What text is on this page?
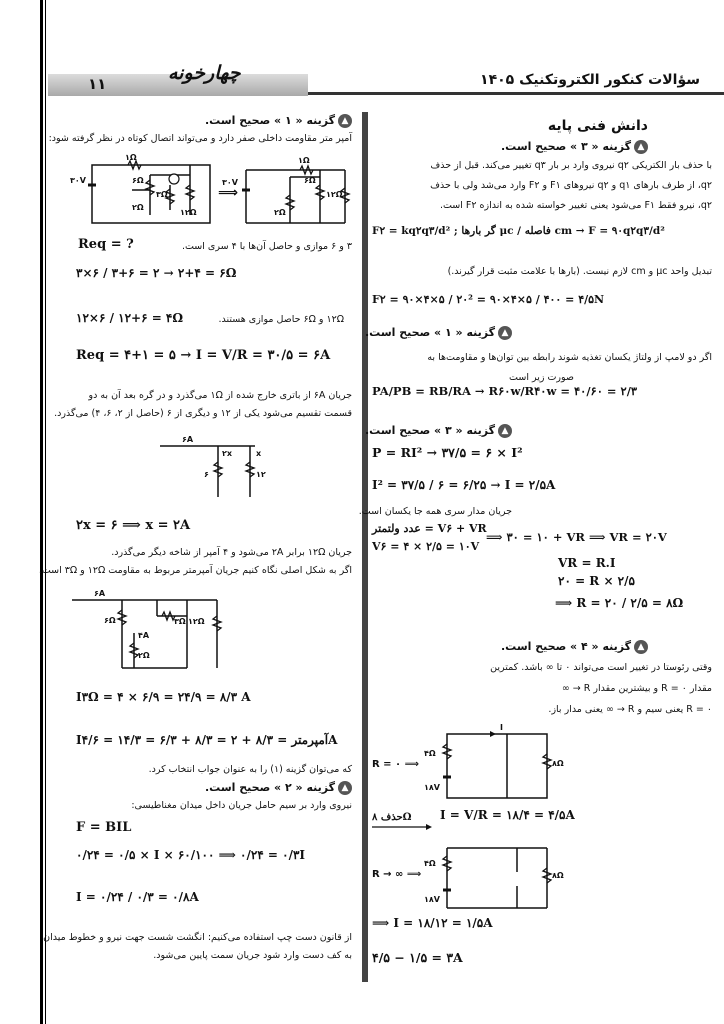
۱۱	چهارخونه	سؤالات کنکور الکتروتکنیک ۱۴۰۵
▲گزینه « ۱ » صحیح است.
آمپر متر مقاومت داخلی صفر دارد و می‌تواند اتصال کوتاه در نظر گرفته شود:
۳۰V
۱Ω
۶Ω
۳Ω
۲Ω
۱۲Ω
⟹
۳۰V
۱Ω
۶Ω
۲Ω
۱۲Ω
Req = ?	۳ و ۶ موازی و حاصل آن‌ها با ۴ سری است.
۳×۶ / ۳+۶ = ۲ → ۲+۴ = ۶Ω
۱۲×۶ / ۱۲+۶ = ۴Ω	۱۲Ω و ۶Ω حاصل موازی هستند.
Req = ۴+۱ = ۵ → I = V/R = ۳۰/۵ = ۶A
جریان ۶A از باتری خارج شده از ۱Ω می‌گذرد و در گره بعد آن به دو
قسمت تقسیم می‌شود یکی از ۱۲ و دیگری از ۶ (حاصل از ۲، ۶، ۴) می‌گذرد.
۶A
۲x	x
۶	۱۲
۲x = ۶ ⟹ x = ۲A
جریان ۱۲Ω برابر ۲A می‌شود و ۴ آمپر از شاخه دیگر می‌گذرد.
اگر به شکل اصلی نگاه کنیم جریان آمپرمتر مربوط به مقاومت ۱۲Ω و ۳Ω است.
۶A
۶Ω	۳Ω ۱۲Ω
۴A
۲Ω
I۳Ω = ۴ × ۶/۹ = ۲۴/۹ = ۸/۳ A
Iآمپرمتر = ۸/۳ + ۲ = ۸/۳ + ۶/۳ = ۱۴/۳ = ۴/۶A
که می‌توان گزینه (۱) را به عنوان جواب انتخاب کرد.
▲گزینه « ۲ » صحیح است.
نیروی وارد بر سیم حامل جریان داخل میدان مغناطیسی:
F = BIL
۰/۲۴ = ۰/۵ × I × ۶۰/۱۰۰ ⟹ ۰/۲۴ = ۰/۳I
I = ۰/۲۴ / ۰/۳ = ۰/۸A
از قانون دست چپ استفاده می‌کنیم: انگشت شست جهت نیرو و خطوط میدان
به کف دست وارد شود جریان سمت پایین می‌شود.
دانش فنی پایه
▲گزینه « ۳ » صحیح است.
با حذف بار الکتریکی q۲ نیروی وارد بر بار q۳ تغییر می‌کند. قبل از حذف
q۲، از طرف بارهای q۱ و q۲ نیروهای F۱ و F۲ وارد می‌شد ولی با حذف
q۲، نیرو فقط F۱ می‌شود یعنی تغییر خواسته شده به اندازه F۲ است.
F۲ = kq۲q۳/d² ; گر بارها μc / فاصله cm → F = ۹۰q۲q۳/d²
تبدیل واحد μc و cm لازم نیست. (بارها با علامت مثبت قرار گیرند.)
F۲ = ۹۰×۴×۵ / ۲۰² = ۹۰×۴×۵ / ۴۰۰ = ۴/۵N
▲گزینه « ۱ » صحیح است.
اگر دو لامپ از ولتاژ یکسان تغذیه شوند رابطه بین توان‌ها و مقاومت‌ها به
صورت زیر است
PA/PB = RB/RA → R۶۰w/R۴۰w = ۴۰/۶۰ = ۲/۳
▲گزینه « ۳ » صحیح است.
P = RI² → ۳۷/۵ = ۶ × I²
I² = ۳۷/۵ / ۶ = ۶/۲۵ → I = ۲/۵A
جریان مدار سری همه جا یکسان است.
عدد ولتمتر = V۶ + VR
V۶ = ۴ × ۲/۵ = ۱۰V
⟹ ۳۰ = ۱۰ + VR ⟹ VR = ۲۰V
VR = R.I
۲۰ = R × ۲/۵
⟹ R = ۲۰ / ۲/۵ = ۸Ω
▲گزینه « ۴ » صحیح است.
وقتی رئوستا در تغییر است می‌تواند ۰ تا ∞ باشد. کمترین
مقدار ۰ = R و بیشترین مقدار R → ∞
R = ۰ یعنی سیم و R → ∞ یعنی مدار باز.
I
R = ۰ ⟹
۴Ω
۱۸V
۸Ω
حذف ۸Ω I = V/R = ۱۸/۴ = ۴/۵A
R → ∞ ⟹
۴Ω
۱۸V
۸Ω
⟹ I = ۱۸/۱۲ = ۱/۵A
۴/۵ − ۱/۵ = ۳A
